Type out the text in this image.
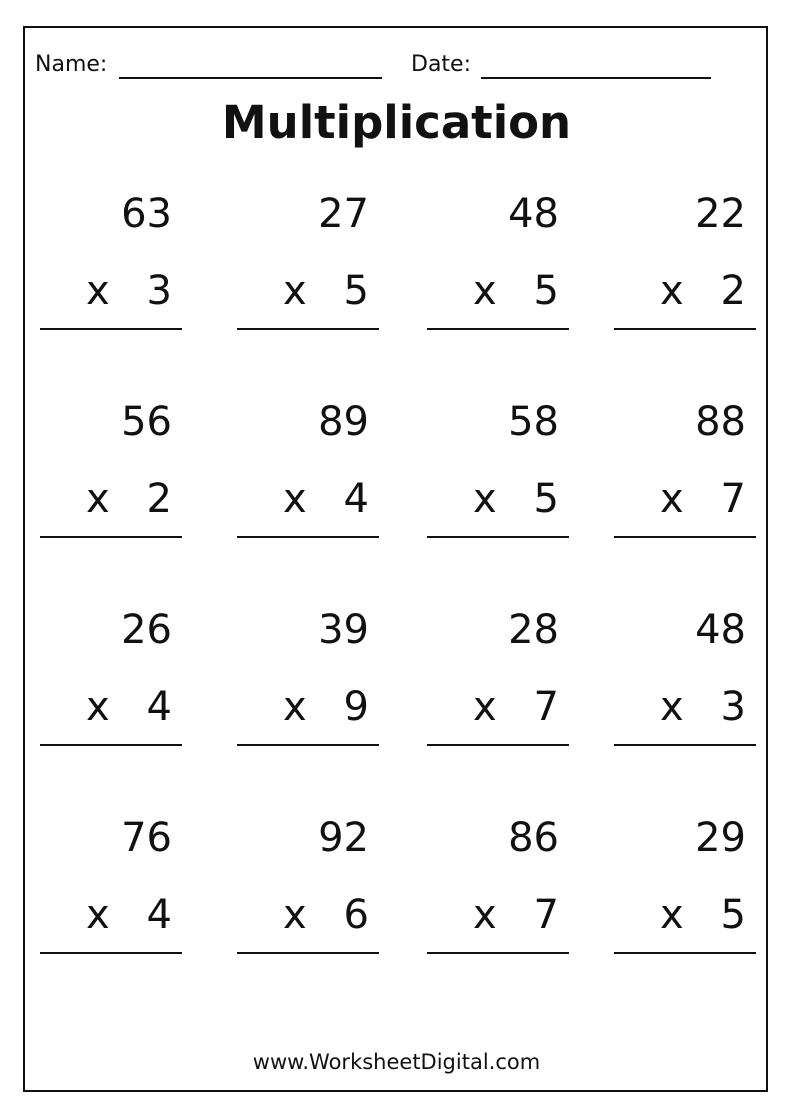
Name:	Date:
Multiplication
63
x 3
27
x 5
48
x 5
22
x 2
56
x 2
89
x 4
58
x 5
88
x 7
26
x 4
39
x 9
28
x 7
48
x 3
76
x 4
92
x 6
86
x 7
29
x 5
www.WorksheetDigital.com
